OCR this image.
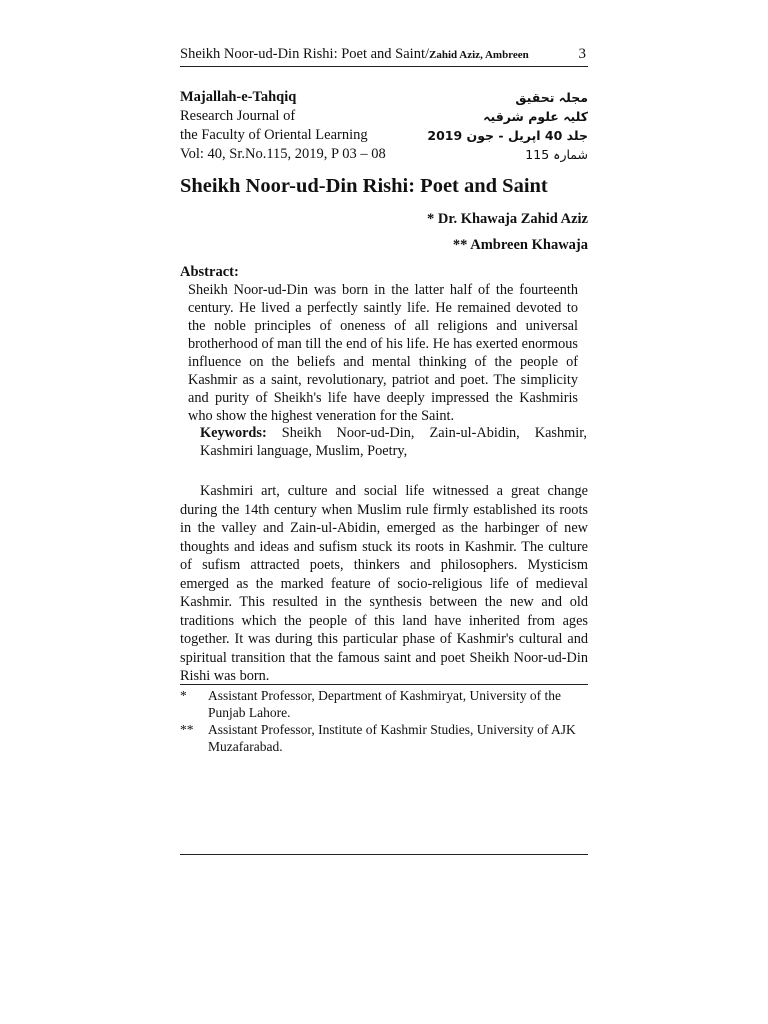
Sheikh Noor-ud-Din Rishi: Poet and Saint/Zahid Aziz, Ambreen	3
Majallah-e-Tahqiq
Research Journal of
the Faculty of Oriental Learning
Vol: 40, Sr.No.115, 2019, P 03 – 08
مجلہ تحقیق
کلیہ علوم شرقیہ
جلد 40 اپریل - جون 2019
شمارہ 115
Sheikh Noor-ud-Din Rishi: Poet and Saint
* Dr. Khawaja Zahid Aziz
** Ambreen Khawaja
Abstract:

Sheikh Noor-ud-Din was born in the latter half of the fourteenth century. He lived a perfectly saintly life. He remained devoted to the noble principles of oneness of all religions and universal brotherhood of man till the end of his life. He has exerted enormous influence on the beliefs and mental thinking of the people of Kashmir as a saint, revolutionary, patriot and poet. The simplicity and purity of Sheikh's life have deeply impressed the Kashmiris who show the highest veneration for the Saint.

Keywords: Sheikh Noor-ud-Din, Zain-ul-Abidin, Kashmir, Kashmiri language, Muslim, Poetry,

Kashmiri art, culture and social life witnessed a great change during the 14th century when Muslim rule firmly established its roots in the valley and Zain-ul-Abidin, emerged as the harbinger of new thoughts and ideas and sufism stuck its roots in Kashmir. The culture of sufism attracted poets, thinkers and philosophers. Mysticism emerged as the marked feature of socio-religious life of medieval Kashmir. This resulted in the synthesis between the new and old traditions which the people of this land have inherited from ages together. It was during this particular phase of Kashmir's cultural and spiritual transition that the famous saint and poet Sheikh Noor-ud-Din Rishi was born.

* Assistant Professor, Department of Kashmiryat, University of the Punjab Lahore.
** Assistant Professor, Institute of Kashmir Studies, University of AJK Muzafarabad.
